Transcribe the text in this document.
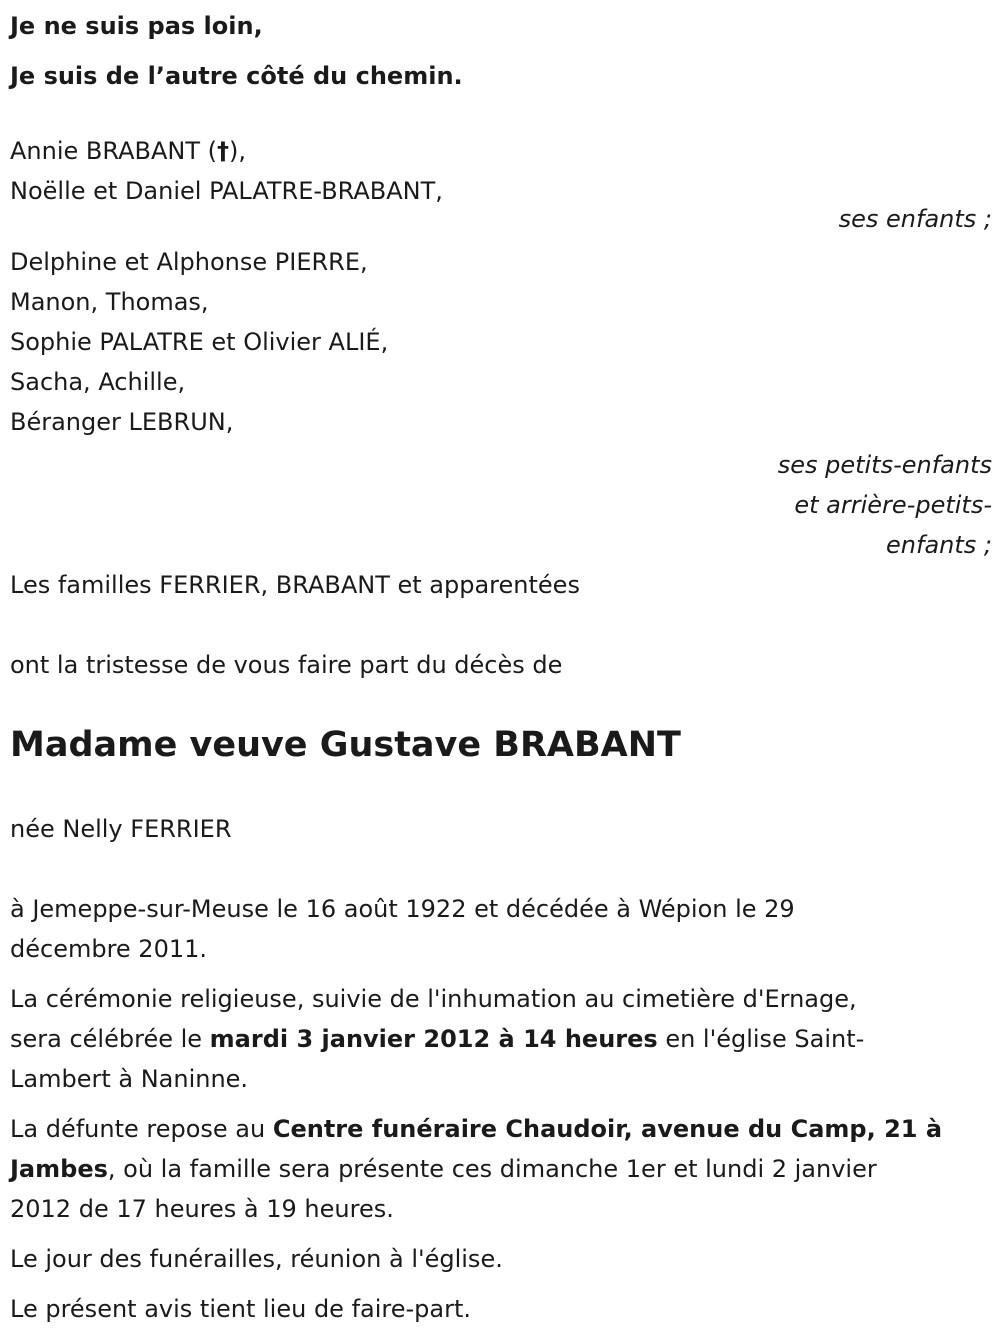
Je ne suis pas loin,
Je suis de l’autre côté du chemin.
Annie BRABANT (†),
Noëlle et Daniel PALATRE-BRABANT,
ses enfants ;
Delphine et Alphonse PIERRE,
Manon, Thomas,
Sophie PALATRE et Olivier ALIÉ,
Sacha, Achille,
Béranger LEBRUN,
ses petits-enfants
et arrière-petits-
enfants ;

Les familles FERRIER, BRABANT et apparentées

ont la tristesse de vous faire part du décès de

Madame veuve Gustave BRABANT

née Nelly FERRIER

à Jemeppe-sur-Meuse le 16 août 1922 et décédée à Wépion le 29
décembre 2011.
La cérémonie religieuse, suivie de l'inhumation au cimetière d'Ernage,
sera célébrée le mardi 3 janvier 2012 à 14 heures en l'église Saint-
Lambert à Naninne.
La défunte repose au Centre funéraire Chaudoir, avenue du Camp, 21 à
Jambes, où la famille sera présente ces dimanche 1er et lundi 2 janvier
2012 de 17 heures à 19 heures.

Le jour des funérailles, réunion à l'église.

Le présent avis tient lieu de faire-part.
